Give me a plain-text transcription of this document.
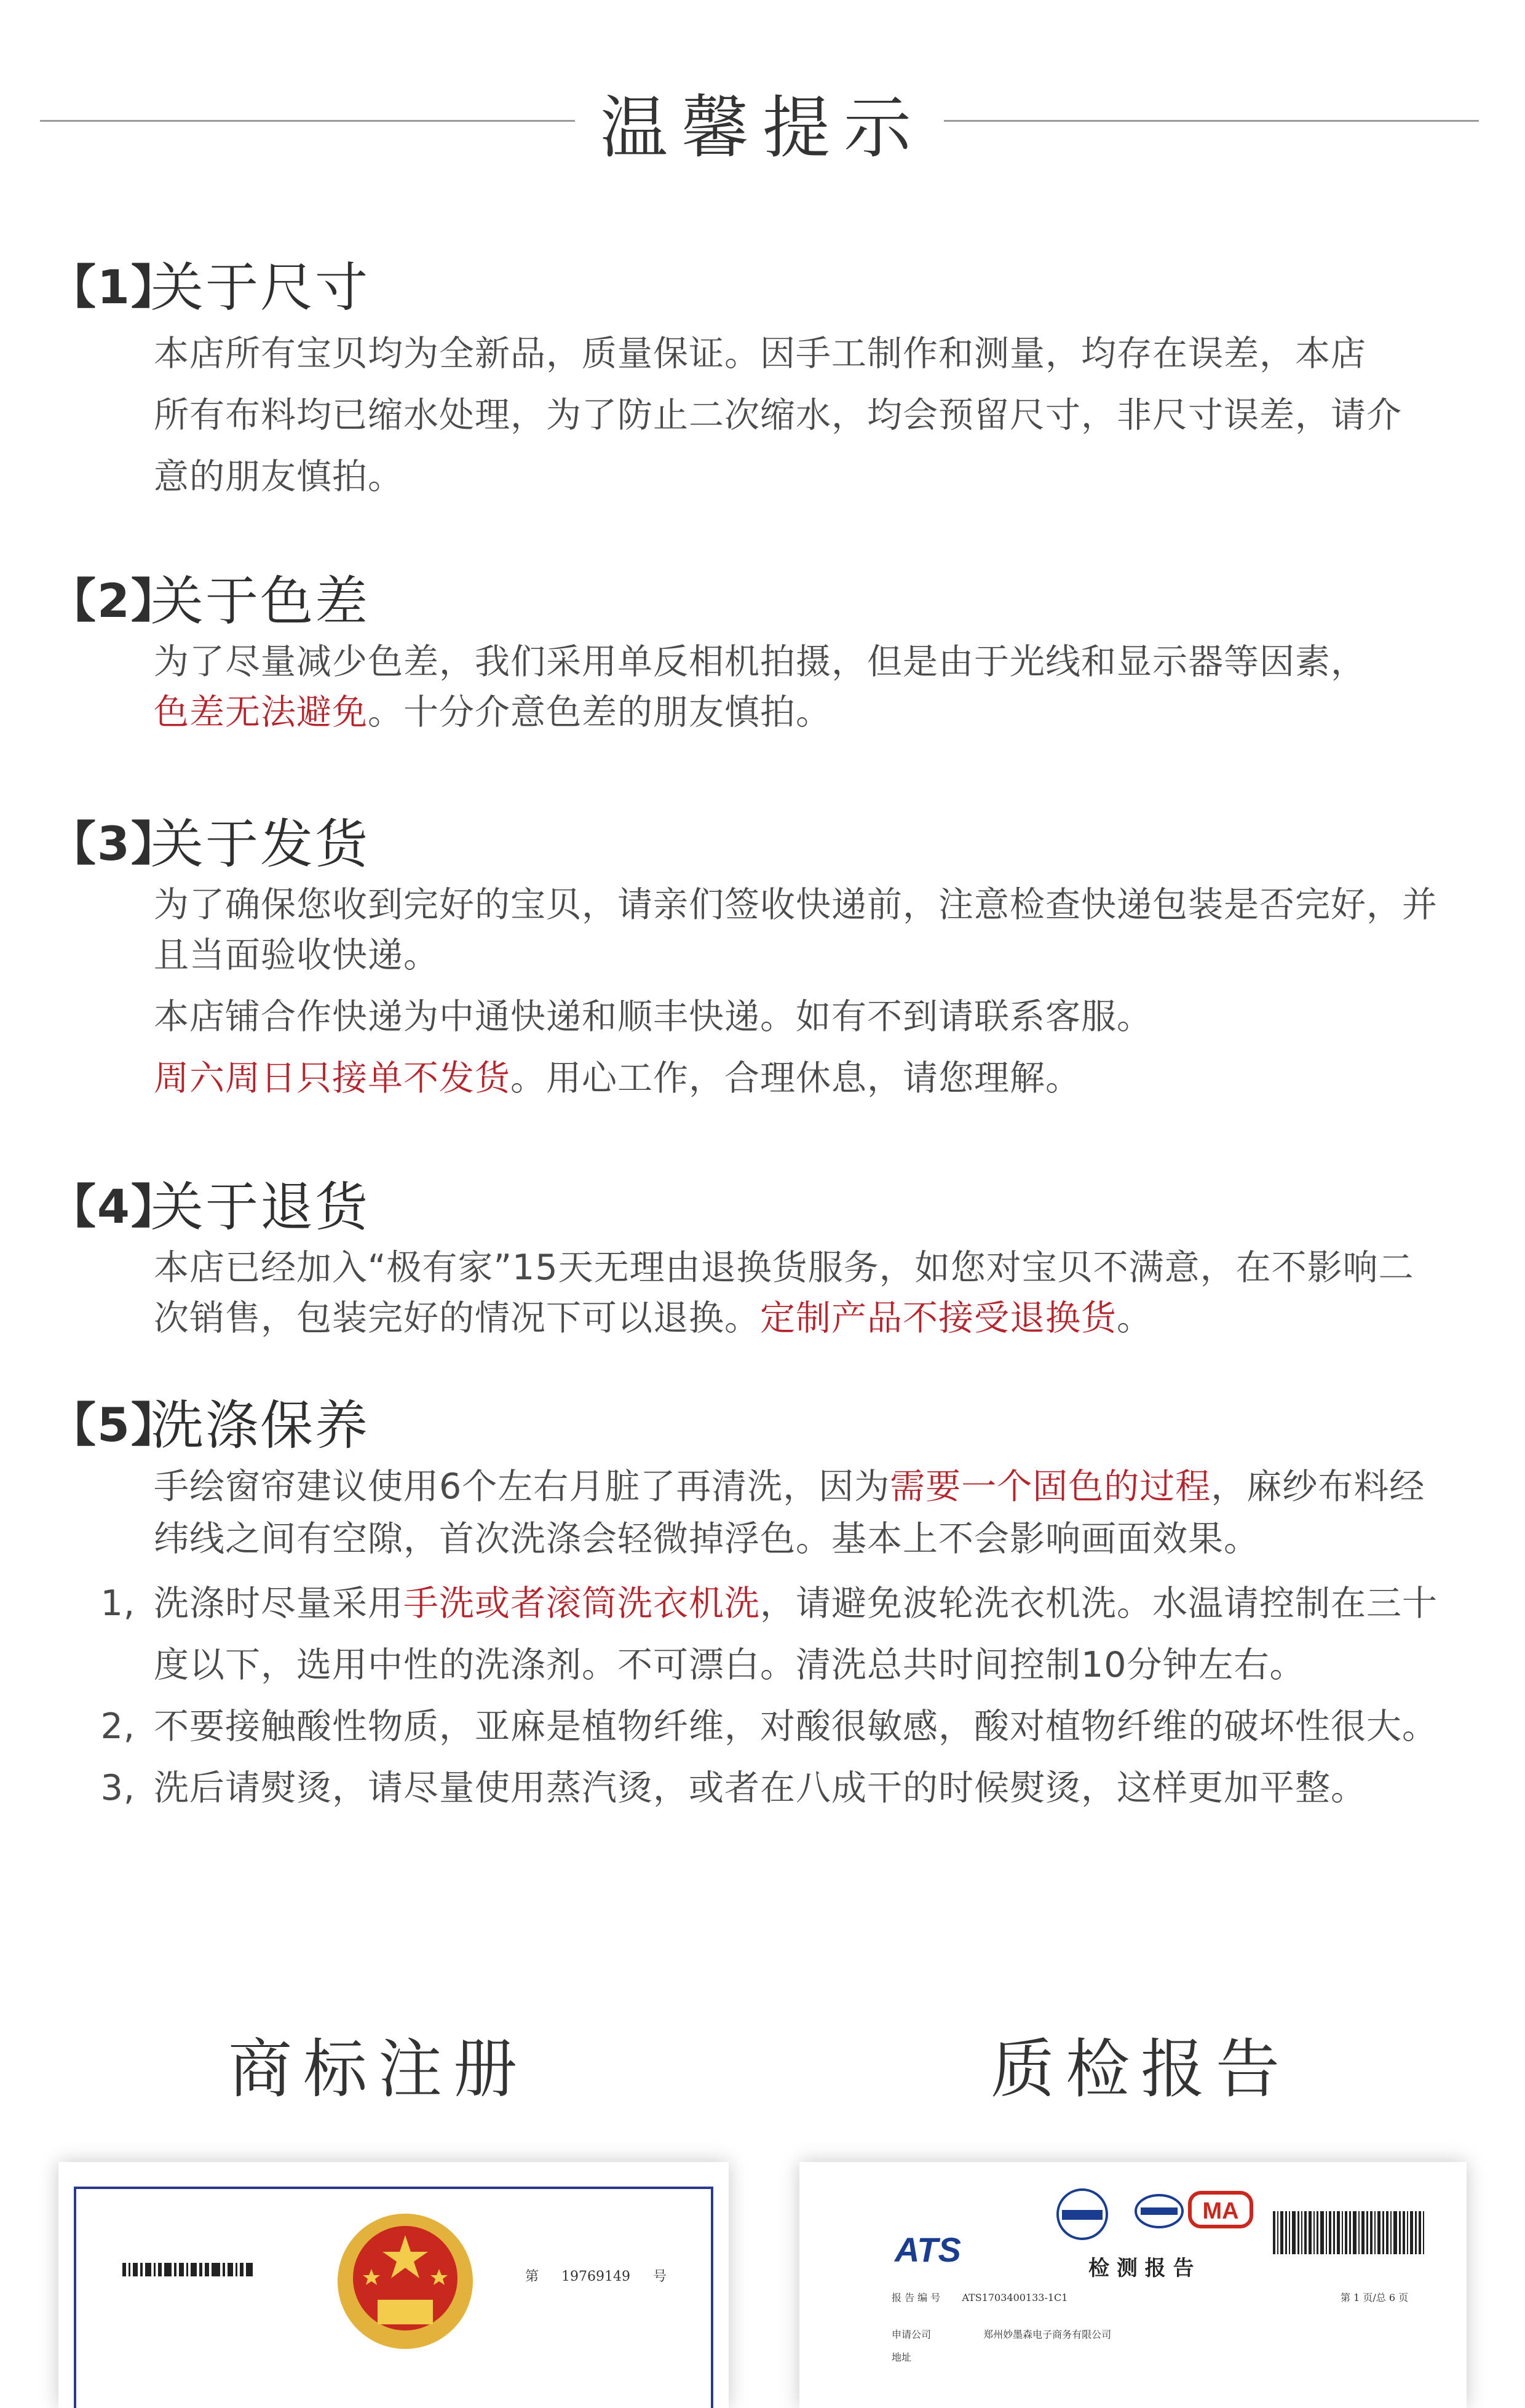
温馨提示
【1】
关于尺寸
本店所有宝贝均为全新品，质量保证。因手工制作和测量，均存在误差，本店
所有布料均已缩水处理，为了防止二次缩水，均会预留尺寸，非尺寸误差，请介
意的朋友慎拍。
【2】
关于色差
为了尽量减少色差，我们采用单反相机拍摄，但是由于光线和显示器等因素，
色差无法避免。十分介意色差的朋友慎拍。
【3】
关于发货
为了确保您收到完好的宝贝，请亲们签收快递前，注意检查快递包装是否完好，并
且当面验收快递。
本店铺合作快递为中通快递和顺丰快递。如有不到请联系客服。
周六周日只接单不发货。用心工作，合理休息，请您理解。
【4】
关于退货
本店已经加入“极有家”15天无理由退换货服务，如您对宝贝不满意，在不影响二
次销售，包装完好的情况下可以退换。定制产品不接受退换货。
【5】
洗涤保养
手绘窗帘建议使用6个左右月脏了再清洗，因为需要一个固色的过程，麻纱布料经
纬线之间有空隙，首次洗涤会轻微掉浮色。基本上不会影响画面效果。
1, 洗涤时尽量采用手洗或者滚筒洗衣机洗，请避免波轮洗衣机洗。水温请控制在三十
度以下，选用中性的洗涤剂。不可漂白。清洗总共时间控制10分钟左右。
2, 不要接触酸性物质，亚麻是植物纤维，对酸很敏感，酸对植物纤维的破坏性很大。
3, 洗后请熨烫，请尽量使用蒸汽烫，或者在八成干的时候熨烫，这样更加平整。
商标注册	质检报告
第 19769149 号
ATS
MA
检 测 报 告
报 告 编 号 ATS1703400133-1C1	第 1 页/总 6 页
申请公司	郑州妙墨森电子商务有限公司
地址
